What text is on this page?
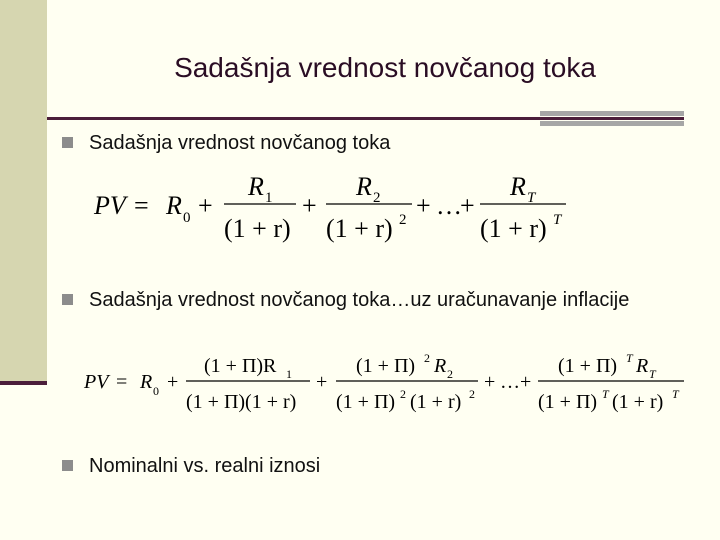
Sadašnja vrednost novčanog toka
Sadašnja vrednost novčanog toka
PV = R 0 +
R 1
(1 + r)
+
R 2
(1 + r) 2 + …
+
R T
(1 + r) T
Sadašnja vrednost novčanog toka…uz uračunavanje inflacije
PV = R 0 +
(1 + Π)R 1
(1 + Π)(1 + r)
+
(1 + Π) 2 R 2
(1 + Π) 2 (1 + r) 2
+ … +
(1 + Π) T R T
(1 + Π) T (1 + r) T
Nominalni vs. realni iznosi
